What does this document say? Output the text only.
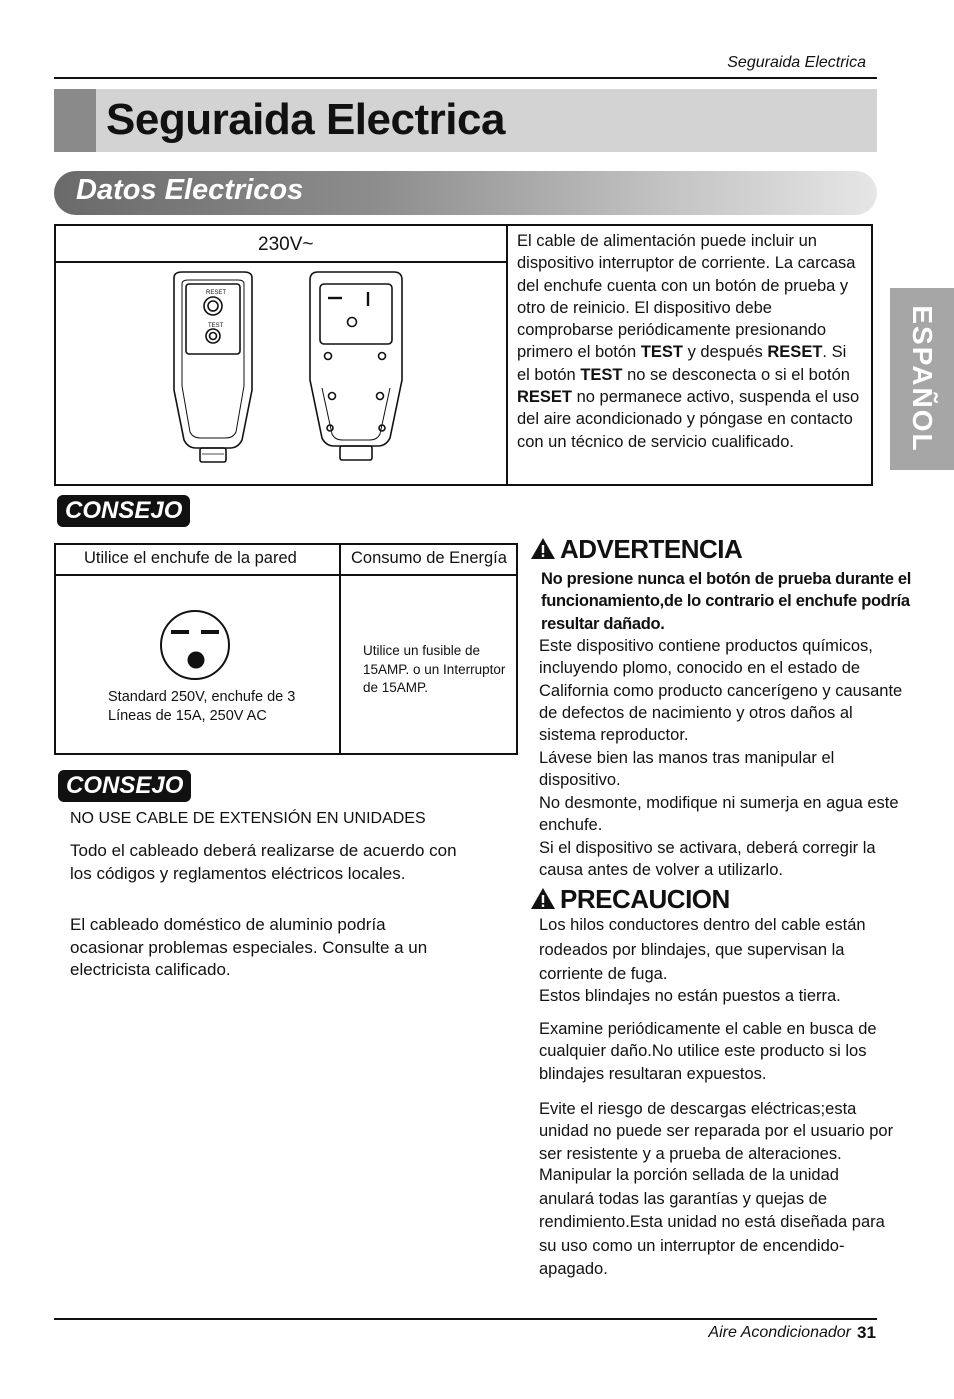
Seguraida Electrica
Seguraida Electrica
Datos Electricos
ESPAÑOL
230V~
RESET
TEST
El cable de alimentación puede incluir un dispositivo interruptor de corriente. La carcasa del enchufe cuenta con un botón de prueba y otro de reinicio. El dispositivo debe comprobarse periódicamente presionando primero el botón TEST y después RESET. Si el botón TEST no se desconecta o si el botón RESET no permanece activo, suspenda el uso del aire acondicionado y póngase en contacto con un técnico de servicio cualificado.
CONSEJO
Utilice el enchufe de la pared	Consumo de Energía
Standard 250V, enchufe de 3 Líneas de 15A, 250V AC
Utilice un fusible de 15AMP. o un Interruptor de 15AMP.
CONSEJO
NO USE CABLE DE EXTENSIÓN EN UNIDADES
Todo el cableado deberá realizarse de acuerdo con los códigos y reglamentos eléctricos locales.
El cableado doméstico de aluminio podría ocasionar problemas especiales. Consulte a un electricista calificado.
ADVERTENCIA
No presione nunca el botón de prueba durante el funcionamiento,de lo contrario el enchufe podría resultar dañado.
Este dispositivo contiene productos químicos, incluyendo plomo, conocido en el estado de California como producto cancerígeno y causante de defectos de nacimiento y otros daños al sistema reproductor.
Lávese bien las manos tras manipular el dispositivo.
No desmonte, modifique ni sumerja en agua este enchufe.
Si el dispositivo se activara, deberá corregir la causa antes de volver a utilizarlo.
PRECAUCION
Los hilos conductores dentro del cable están rodeados por blindajes, que supervisan la corriente de fuga.
Estos blindajes no están puestos a tierra.
Examine periódicamente el cable en busca de cualquier daño.No utilice este producto si los blindajes resultaran expuestos.
Evite el riesgo de descargas eléctricas;esta unidad no puede ser reparada por el usuario por ser resistente y a prueba de alteraciones.
Manipular la porción sellada de la unidad anulará todas las garantías y quejas de rendimiento.Esta unidad no está diseñada para su uso como un interruptor de encendido-apagado.
Aire Acondicionador 31
